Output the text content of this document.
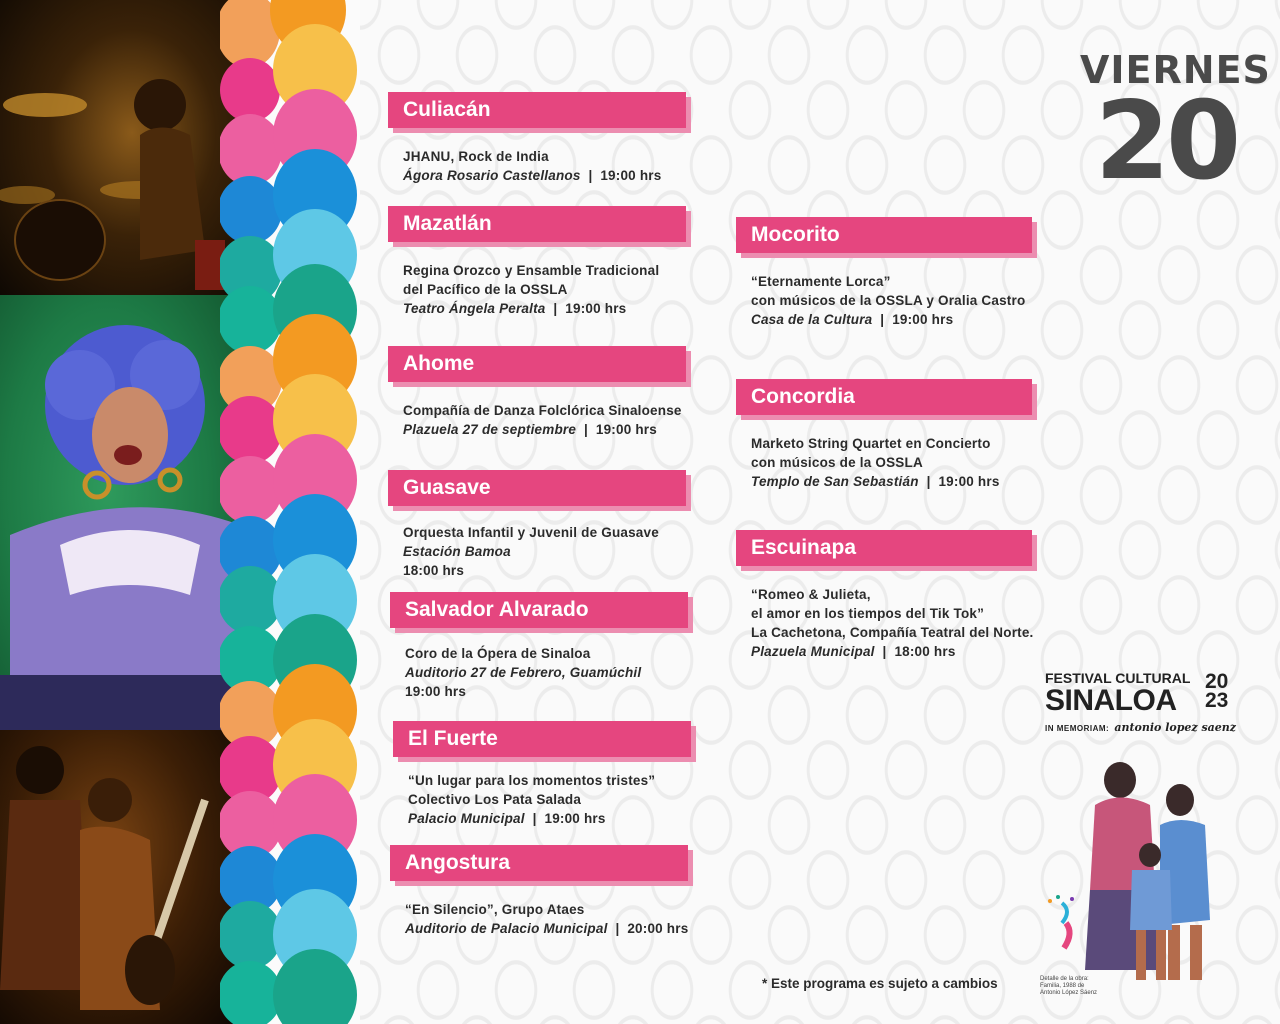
VIERNES
20
Culiacán
JHANU, Rock de India
Ágora Rosario Castellanos | 19:00 hrs
Mazatlán
Regina Orozco y Ensamble Tradicional
del Pacífico de la OSSLA
Teatro Ángela Peralta | 19:00 hrs
Ahome
Compañía de Danza Folclórica Sinaloense
Plazuela 27 de septiembre | 19:00 hrs
Guasave
Orquesta Infantil y Juvenil de Guasave
Estación Bamoa
18:00 hrs
Salvador Alvarado
Coro de la Ópera de Sinaloa
Auditorio 27 de Febrero, Guamúchil
19:00 hrs
El Fuerte
“Un lugar para los momentos tristes”
Colectivo Los Pata Salada
Palacio Municipal | 19:00 hrs
Angostura
“En Silencio”, Grupo Ataes
Auditorio de Palacio Municipal | 20:00 hrs
Mocorito
“Eternamente Lorca”
con músicos de la OSSLA y Oralia Castro
Casa de la Cultura | 19:00 hrs
Concordia
Marketo String Quartet en Concierto
con músicos de la OSSLA
Templo de San Sebastián | 19:00 hrs
Escuinapa
“Romeo & Julieta,
el amor en los tiempos del Tik Tok”
La Cachetona, Compañía Teatral del Norte.
Plazuela Municipal | 18:00 hrs
FESTIVAL CULTURAL
SINALOA
20
23
IN MEMORIAM: antonio lopez saenz
Detalle de la obra: Familia, 1988 de Antonio López Sáenz
* Este programa es sujeto a cambios
